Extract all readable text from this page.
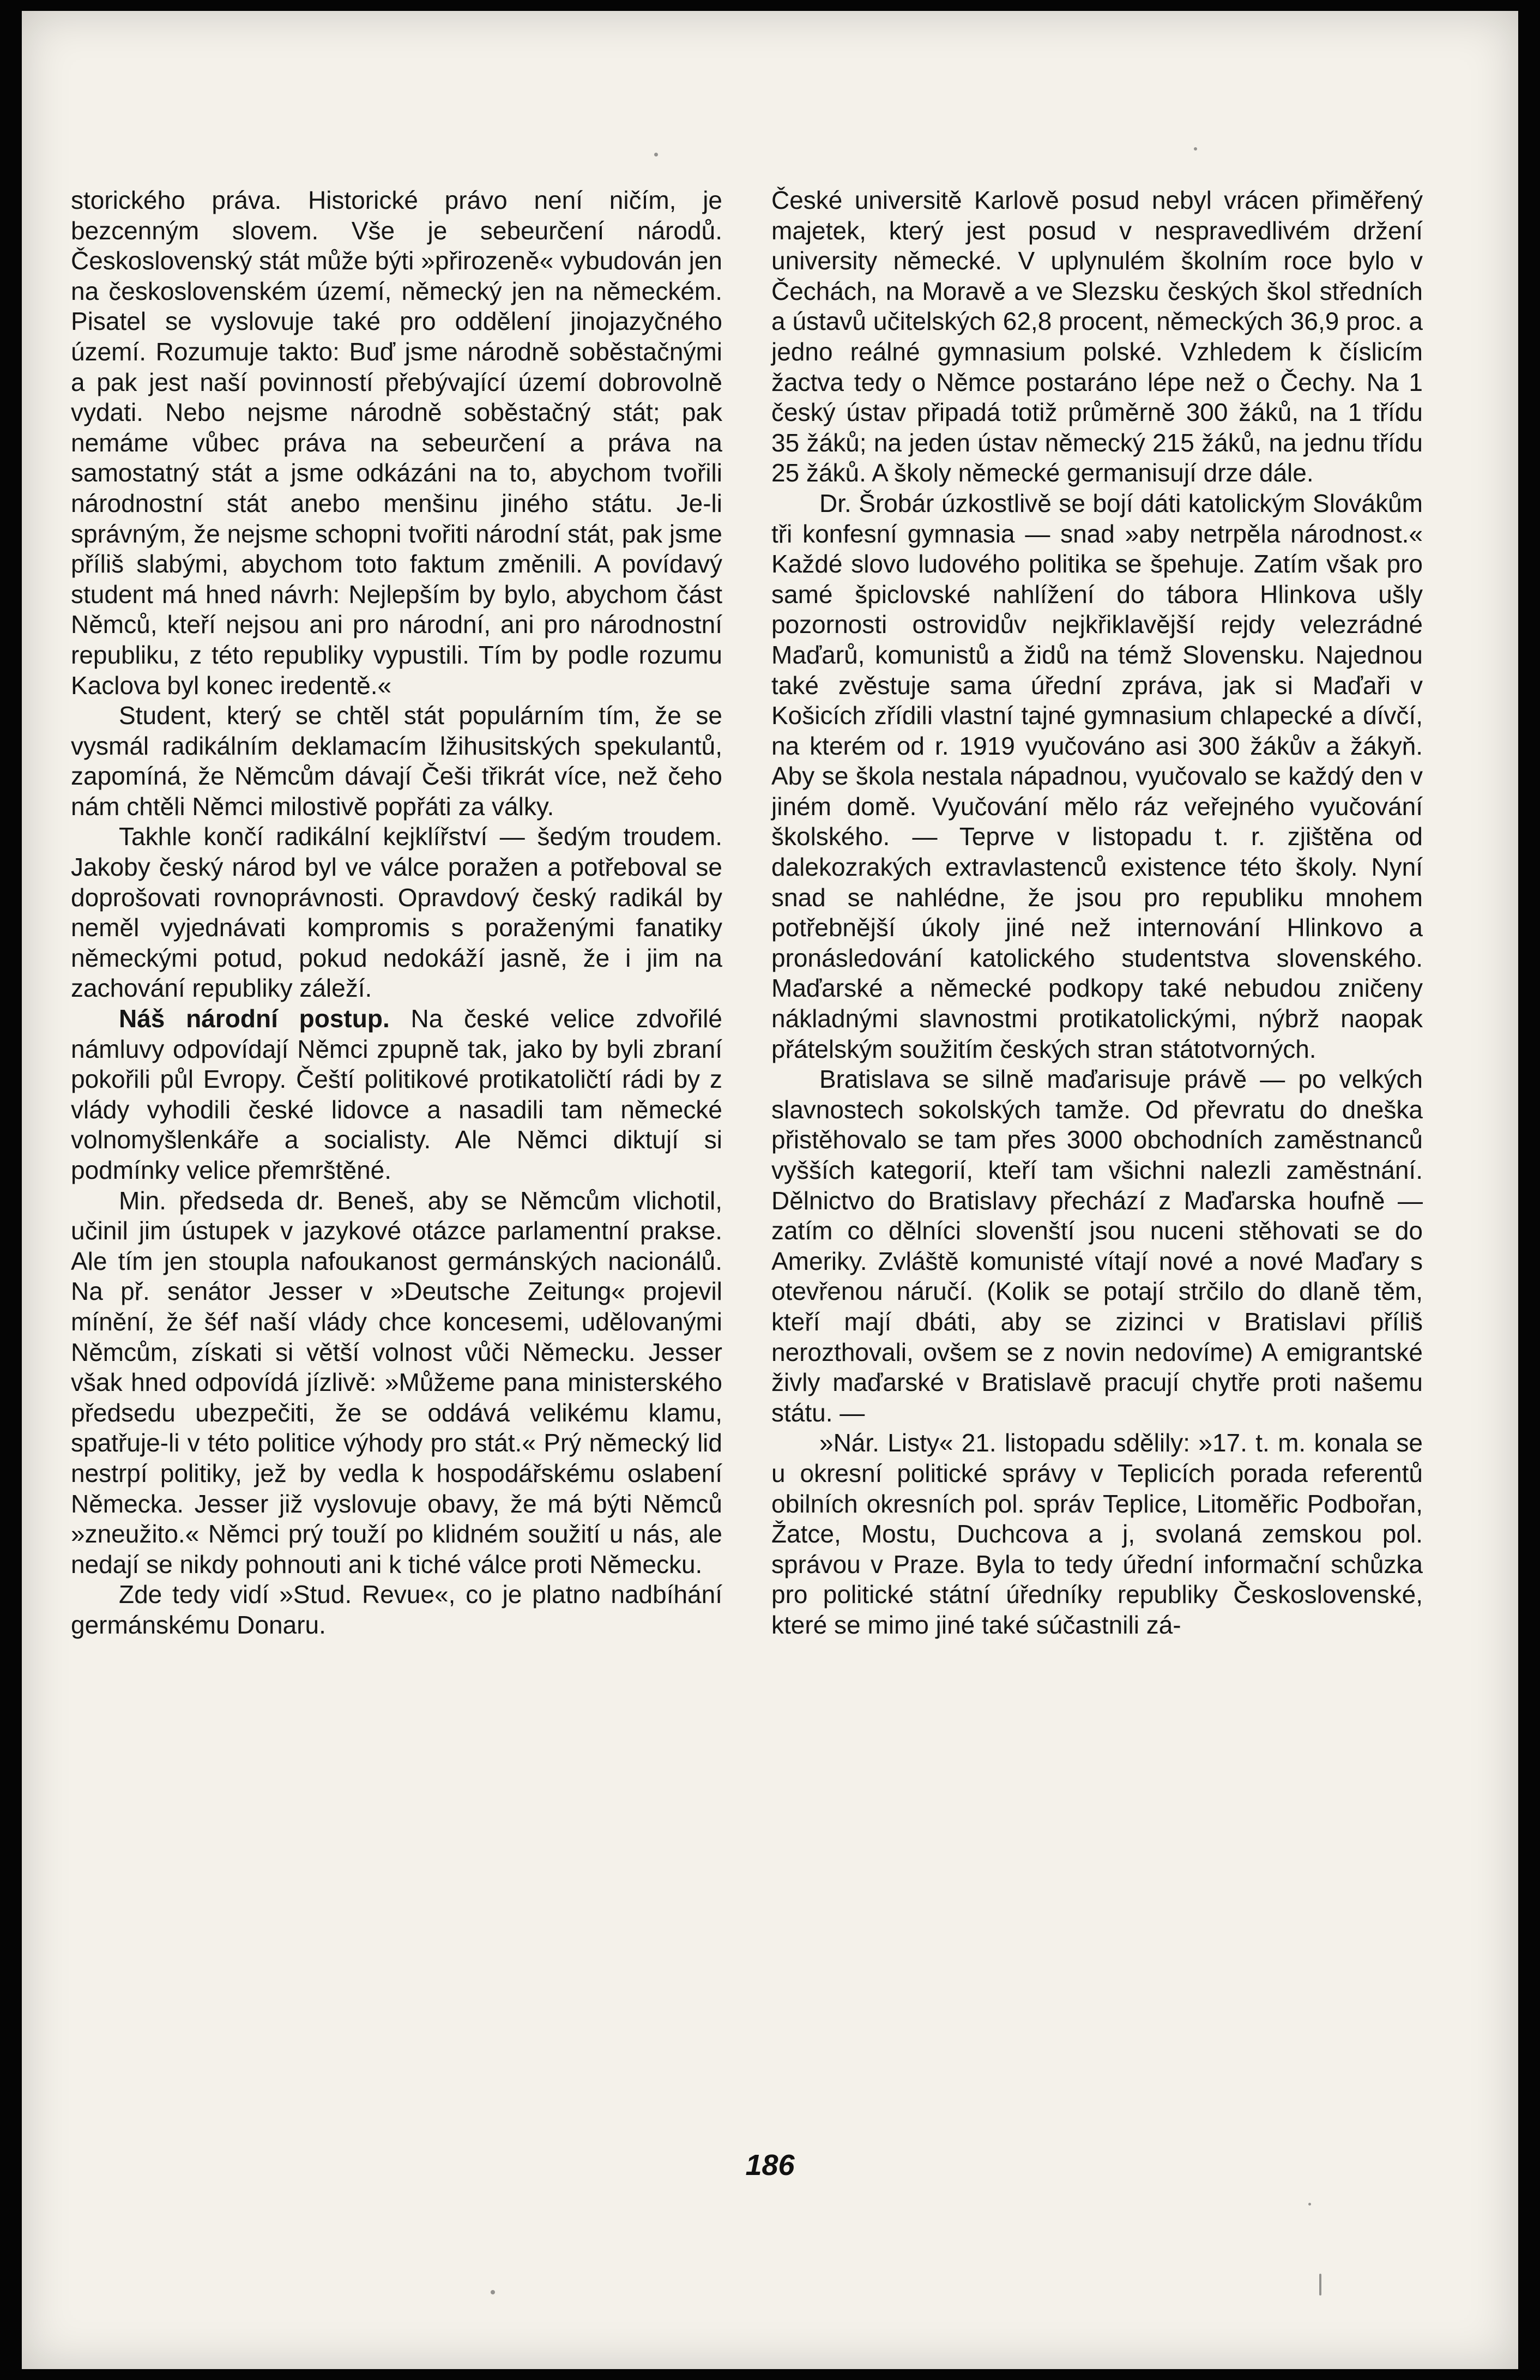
storického práva. Historické právo není ničím, je bezcenným slovem. Vše je sebeurčení národů. Československý stát může býti »přirozeně« vybudován jen na československém území, německý jen na německém. Pisatel se vyslovuje také pro oddělení jinojazyčného území. Rozumuje takto: Buď jsme národně soběstačnými a pak jest naší povinností přebývající území dobrovolně vydati. Nebo nejsme národně soběstačný stát; pak nemáme vůbec práva na sebeurčení a práva na samostatný stát a jsme odkázáni na to, abychom tvořili národnostní stát anebo menšinu jiného státu. Je-li správným, že nejsme schopni tvořiti národní stát, pak jsme příliš slabými, abychom toto faktum změnili. A povídavý student má hned návrh: Nejlepším by bylo, abychom část Němců, kteří nejsou ani pro národní, ani pro národnostní republiku, z této republiky vypustili. Tím by podle rozumu Kaclova byl konec iredentě.«

Student, který se chtěl stát populárním tím, že se vysmál radikálním deklamacím lžihusitských spekulantů, zapomíná, že Němcům dávají Češi třikrát více, než čeho nám chtěli Němci milostivě popřáti za války.

Takhle končí radikální kejklířství — šedým troudem. Jakoby český národ byl ve válce poražen a potřeboval se doprošovati rovnoprávnosti. Opravdový český radikál by neměl vyjednávati kompromis s poraženými fanatiky německými potud, pokud nedokáží jasně, že i jim na zachování republiky záleží.

Náš národní postup. Na české velice zdvořilé námluvy odpovídají Němci zpupně tak, jako by byli zbraní pokořili půl Evropy. Čeští politikové protikatoličtí rádi by z vlády vyhodili české lidovce a nasadili tam německé volnomyšlenkáře a socialisty. Ale Němci diktují si podmínky velice přemrštěné.

Min. předseda dr. Beneš, aby se Němcům vlichotil, učinil jim ústupek v jazykové otázce parlamentní prakse. Ale tím jen stoupla nafoukanost germánských nacionálů. Na př. senátor Jesser v »Deutsche Zeitung« projevil mínění, že šéf naší vlády chce koncesemi, udělovanými Němcům, získati si větší volnost vůči Německu. Jesser však hned odpovídá jízlivě: »Můžeme pana ministerského předsedu ubezpečiti, že se oddává velikému klamu, spatřuje-li v této politice výhody pro stát.« Prý německý lid nestrpí politiky, jež by vedla k hospodářskému oslabení Německa. Jesser již vyslovuje obavy, že má býti Němců »zneužito.« Němci prý touží po klidném soužití u nás, ale nedají se nikdy pohnouti ani k tiché válce proti Německu.

Zde tedy vidí »Stud. Revue«, co je platno nadbíhání germánskému Donaru.

České universitě Karlově posud nebyl vrácen přiměřený majetek, který jest posud v nespravedlivém držení university německé. V uplynulém školním roce bylo v Čechách, na Moravě a ve Slezsku českých škol středních a ústavů učitelských 62,8 procent, německých 36,9 proc. a jedno reálné gymnasium polské. Vzhledem k číslicím žactva tedy o Němce postaráno lépe než o Čechy. Na 1 český ústav připadá totiž průměrně 300 žáků, na 1 třídu 35 žáků; na jeden ústav německý 215 žáků, na jednu třídu 25 žáků. A školy německé germanisují drze dále.

Dr. Šrobár úzkostlivě se bojí dáti katolickým Slovákům tři konfesní gymnasia — snad »aby netrpěla národnost.« Každé slovo ludového politika se špehuje. Zatím však pro samé špiclovské nahlížení do tábora Hlinkova ušly pozornosti ostrovidův nejkřiklavější rejdy velezrádné Maďarů, komunistů a židů na témž Slovensku. Najednou také zvěstuje sama úřední zpráva, jak si Maďaři v Košicích zřídili vlastní tajné gymnasium chlapecké a dívčí, na kterém od r. 1919 vyučováno asi 300 žákův a žákyň. Aby se škola nestala nápadnou, vyučovalo se každý den v jiném domě. Vyučování mělo ráz veřejného vyučování školského. — Teprve v listopadu t. r. zjištěna od dalekozrakých extravlastenců existence této školy. Nyní snad se nahlédne, že jsou pro republiku mnohem potřebnější úkoly jiné než internování Hlinkovo a pronásledování katolického studentstva slovenského. Maďarské a německé podkopy také nebudou zničeny nákladnými slavnostmi protikatolickými, nýbrž naopak přátelským soužitím českých stran státotvorných.

Bratislava se silně maďarisuje právě — po velkých slavnostech sokolských tamže. Od převratu do dneška přistěhovalo se tam přes 3000 obchodních zaměstnanců vyšších kategorií, kteří tam všichni nalezli zaměstnání. Dělnictvo do Bratislavy přechází z Maďarska houfně — zatím co dělníci slovenští jsou nuceni stěhovati se do Ameriky. Zvláště komunisté vítají nové a nové Maďary s otevřenou náručí. (Kolik se potají strčilo do dlaně těm, kteří mají dbáti, aby se zizinci v Bratislavi příliš nerozthovali, ovšem se z novin nedovíme) A emigrantské živly maďarské v Bratislavě pracují chytře proti našemu státu. —

»Nár. Listy« 21. listopadu sdělily: »17. t. m. konala se u okresní politické správy v Teplicích porada referentů obilních okresních pol. správ Teplice, Litoměřic Podbořan, Žatce, Mostu, Duchcova a j, svolaná zemskou pol. správou v Praze. Byla to tedy úřední informační schůzka pro politické státní úředníky republiky Československé, které se mimo jiné také súčastnili zá-

186
